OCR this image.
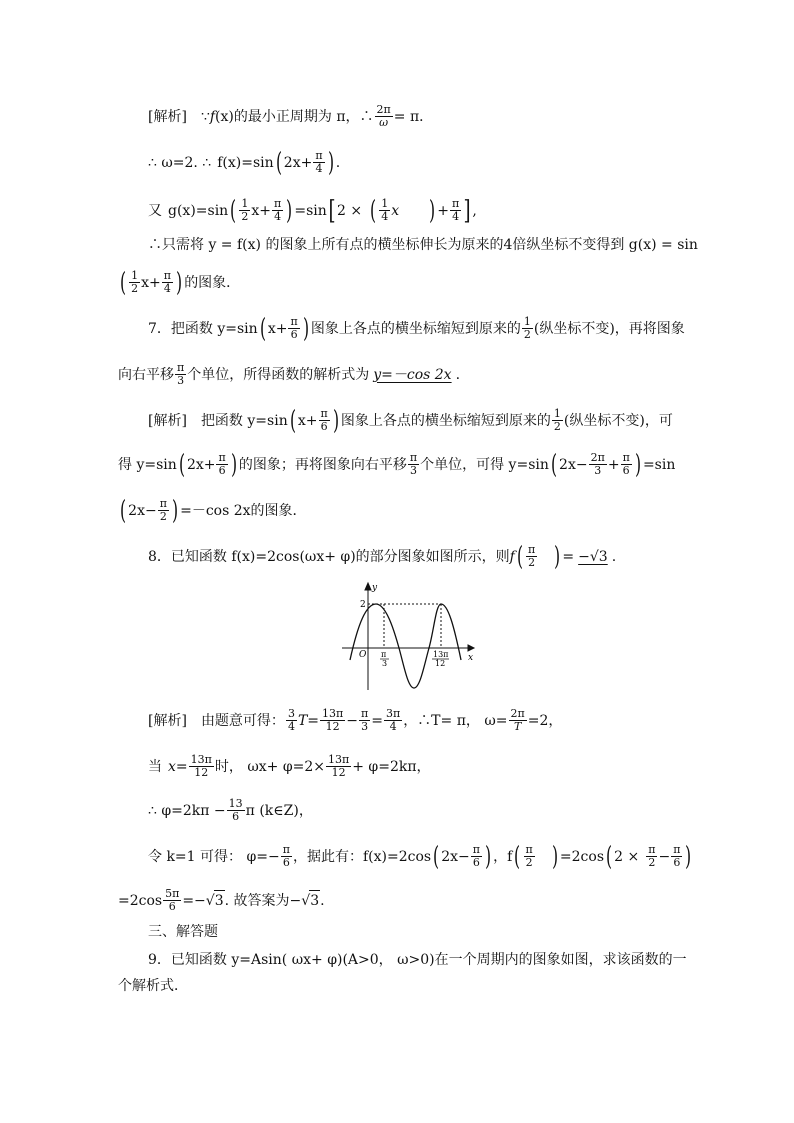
[解析] ∵ f (x) 的最小正周期为 π，∴ $\frac{2\pi}{\omega} = \pi$．
∴ ω=2. ∴ f(x)=sin ( $2x+ \frac{\pi}{4}$ ) .
又 g(x)=sin ( $\frac{1}{2} x+ \frac{\pi}{4}$ ) =sin [ 2 × ( $\frac{1}{4}$ x ) + $\frac{\pi}{4}$ ] ,
∴只需将 y = f(x) 的图象上所有点的横坐标伸长为原来的4倍纵坐标不变得到 g(x) = sin
( $\frac{1}{2} x+ \frac{\pi}{4}$ ) 的图象．
7．把函数 y=sin ( $x+ \frac{\pi}{6}$ ) 图象上各点的横坐标缩短到原来的 $\frac{1}{2}$ (纵坐标不变)，再将图象
向右平移 $\frac{\pi}{3}$ 个单位，所得函数的解析式为 y=－cos 2x .
[解析] 把函数 y=sin ( $x+ \frac{\pi}{6}$ ) 图象上各点的横坐标缩短到原来的 $\frac{1}{2}$ (纵坐标不变)，可
得 y=sin ( $2x+ \frac{\pi}{6}$ ) 的图象；再将图象向右平移 $\frac{\pi}{3}$ 个单位，可得 y=sin ( $2x- \frac{2\pi}{3} + \frac{\pi}{6}$ ) =sin
( $2x- \frac{\pi}{2}$ ) =－cos 2x的图象．
8．已知函数 f(x)=2cos(ωx+ φ)的部分图象如图所示，则 f ( $\frac{\pi}{2}$ ) = −√3 .
y
x
O
2
π
3
13π
12
[解析] 由题意可得： $\frac{3}{4} T= \frac{13\pi}{12} - \frac{\pi}{3} = \frac{3\pi}{4}$ ，∴T= π， $\omega= \frac{2\pi}{T} =2$，
当 $x= \frac{13\pi}{12}$ 时， $\omega x+ \varphi=2\times \frac{13\pi}{12} + \varphi=2k\pi$，
∴ $\varphi=2k\pi - \frac{13}{6}$ π (k∈Z)，
令 k=1 可得： $\varphi=- \frac{\pi}{6}$ ，据此有：f(x)=2cos ( $2x- \frac{\pi}{6}$ ) ，f ( $\frac{\pi}{2}$ ) =2cos ( $2 \times \frac{\pi}{2} - \frac{\pi}{6}$ )
$=2\cos \frac{5\pi}{6}$ =− √ 3 . 故答案为− √ 3 .
三、解答题
9．已知函数 y=Asin( ωx+ φ)(A>0， ω>0)在一个周期内的图象如图，求该函数的一
个解析式．
